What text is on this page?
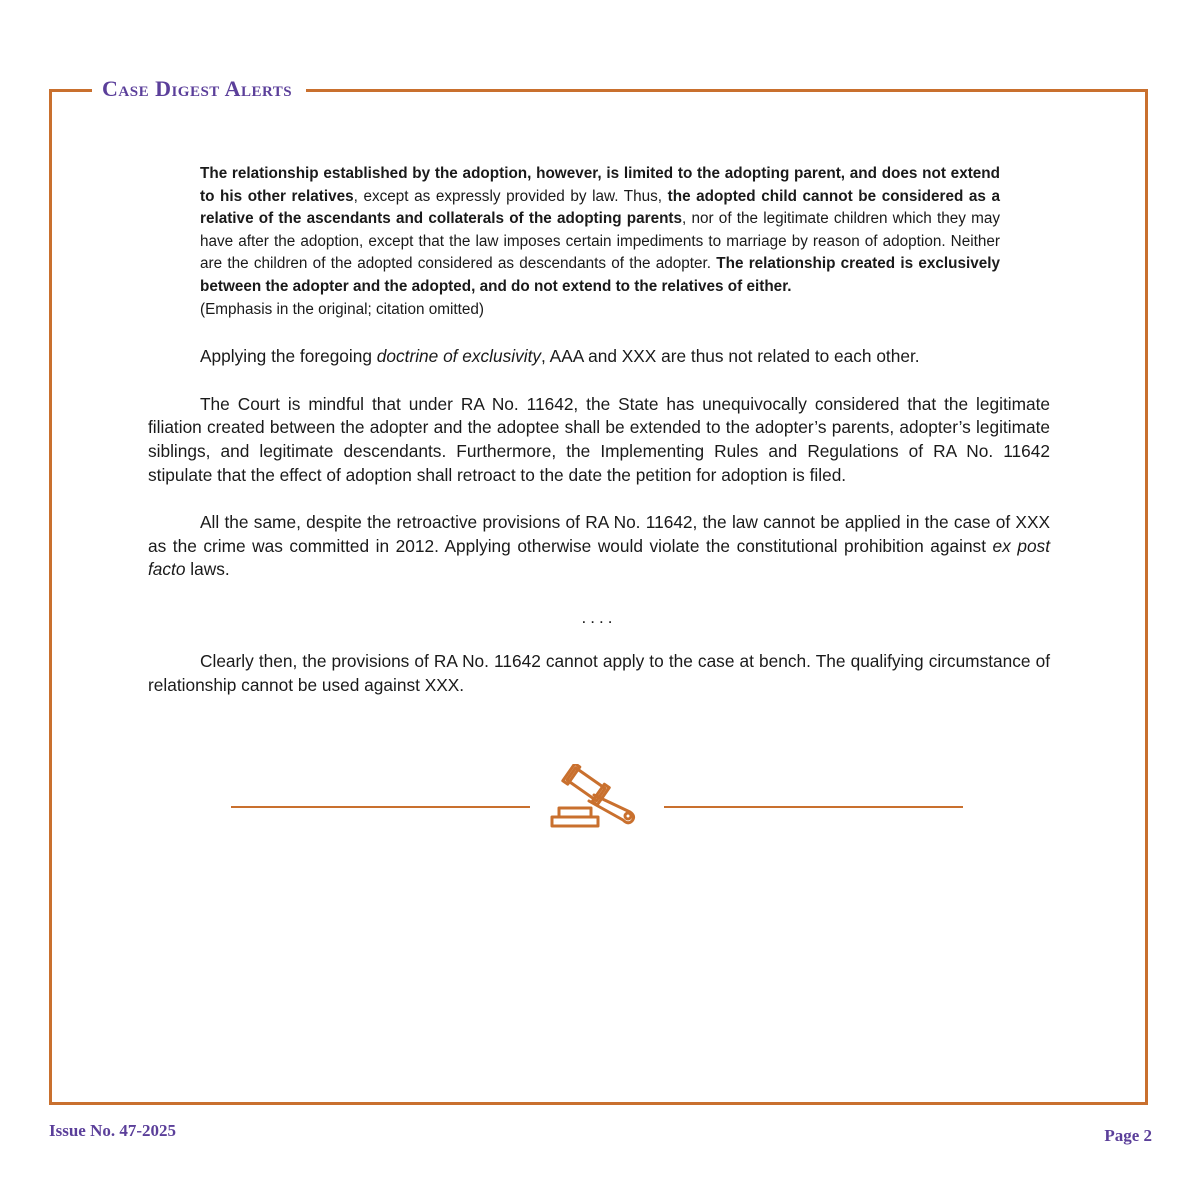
Case Digest Alerts

The relationship established by the adoption, however, is limited to the adopting parent, and does not extend to his other relatives, except as expressly provided by law. Thus, the adopted child cannot be considered as a relative of the ascendants and collaterals of the adopting parents, nor of the legitimate children which they may have after the adoption, except that the law imposes certain impediments to marriage by reason of adoption. Neither are the children of the adopted considered as descendants of the adopter. The relationship created is exclusively between the adopter and the adopted, and do not extend to the relatives of either.

(Emphasis in the original; citation omitted)

Applying the foregoing doctrine of exclusivity, AAA and XXX are thus not related to each other.

The Court is mindful that under RA No. 11642, the State has unequivocally considered that the legitimate filiation created between the adopter and the adoptee shall be extended to the adopter’s parents, adopter’s legitimate siblings, and legitimate descendants. Furthermore, the Implementing Rules and Regulations of RA No. 11642 stipulate that the effect of adoption shall retroact to the date the petition for adoption is filed.

All the same, despite the retroactive provisions of RA No. 11642, the law cannot be applied in the case of XXX as the crime was committed in 2012. Applying otherwise would violate the constitutional prohibition against ex post facto laws.

....

Clearly then, the provisions of RA No. 11642 cannot apply to the case at bench. The qualifying circumstance of relationship cannot be used against XXX.

Issue No. 47-2025	Page 2
